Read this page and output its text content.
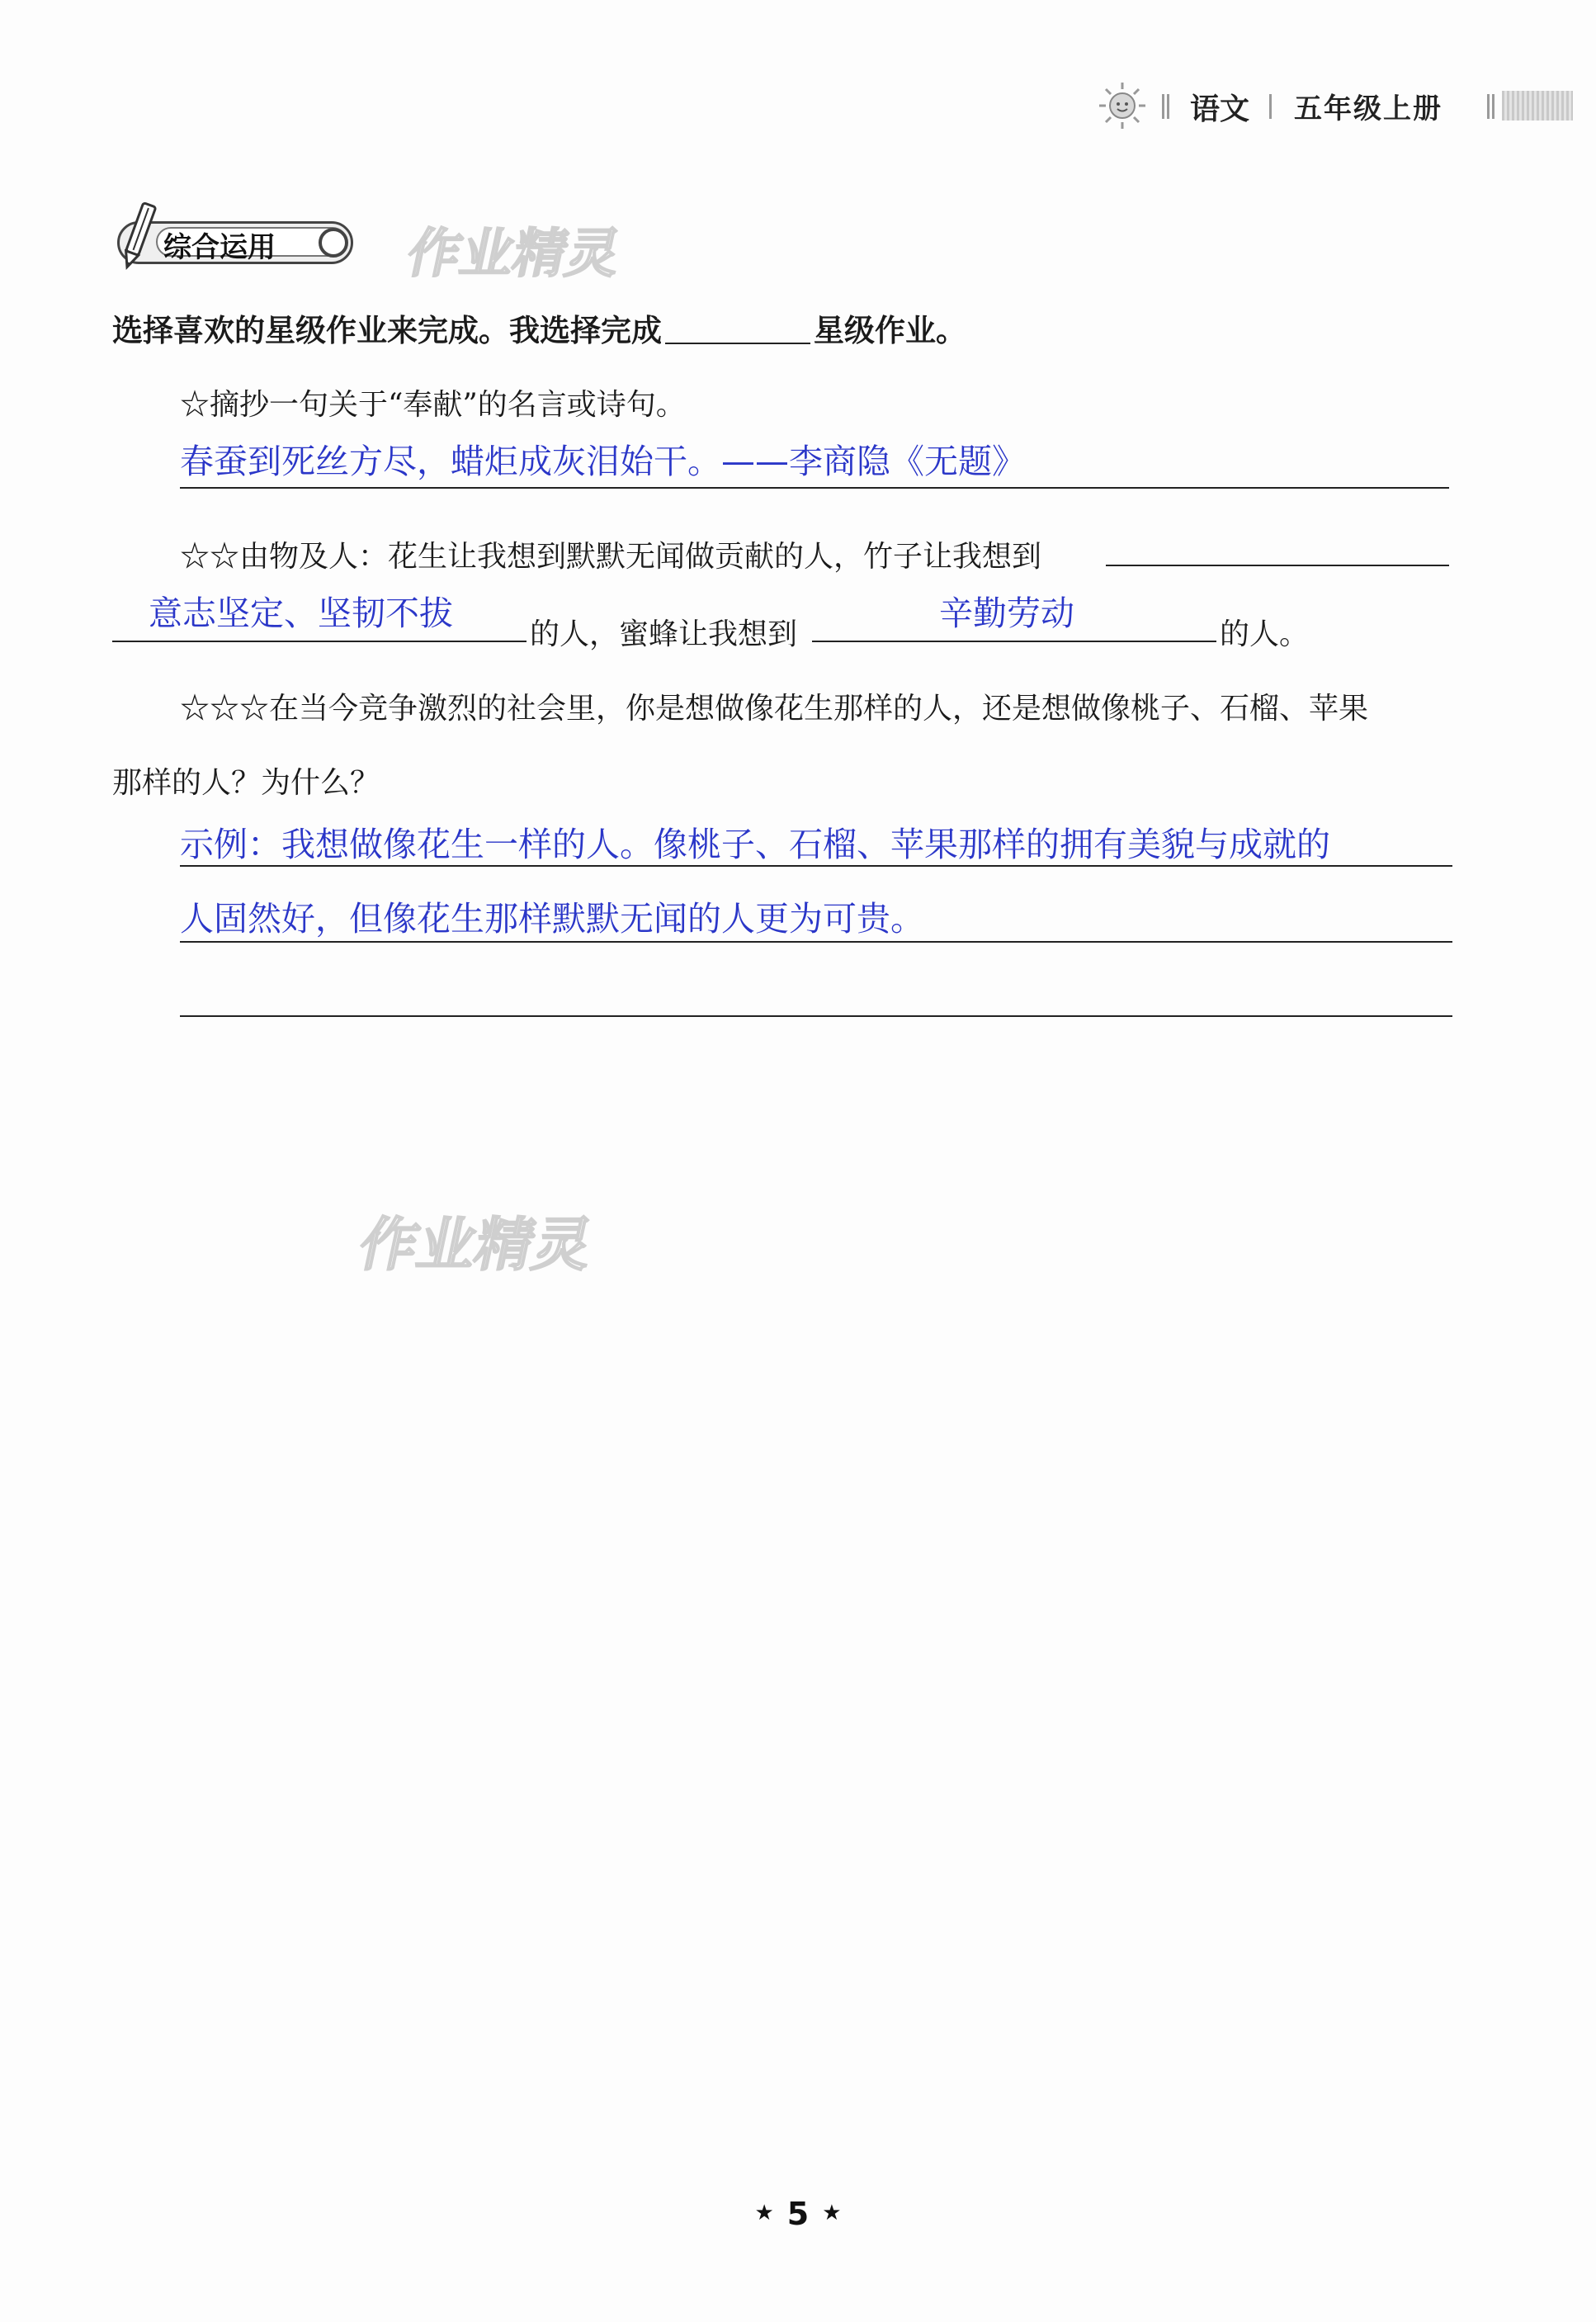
语文 五年级上册
综合运用 作业精灵
选择喜欢的星级作业来完成。我选择完成	星级作业。
☆摘抄一句关于“奉献”的名言或诗句。
春蚕到死丝方尽，蜡炬成灰泪始干。——李商隐《无题》
☆☆由物及人：花生让我想到默默无闻做贡献的人，竹子让我想到
意志坚定、坚韧不拔
的人，蜜蜂让我想到
辛勤劳动
的人。
☆☆☆在当今竞争激烈的社会里，你是想做像花生那样的人，还是想做像桃子、石榴、苹果
那样的人？为什么？
示例：我想做像花生一样的人。像桃子、石榴、苹果那样的拥有美貌与成就的
人固然好，但像花生那样默默无闻的人更为可贵。
作业精灵
★ 5 ★
